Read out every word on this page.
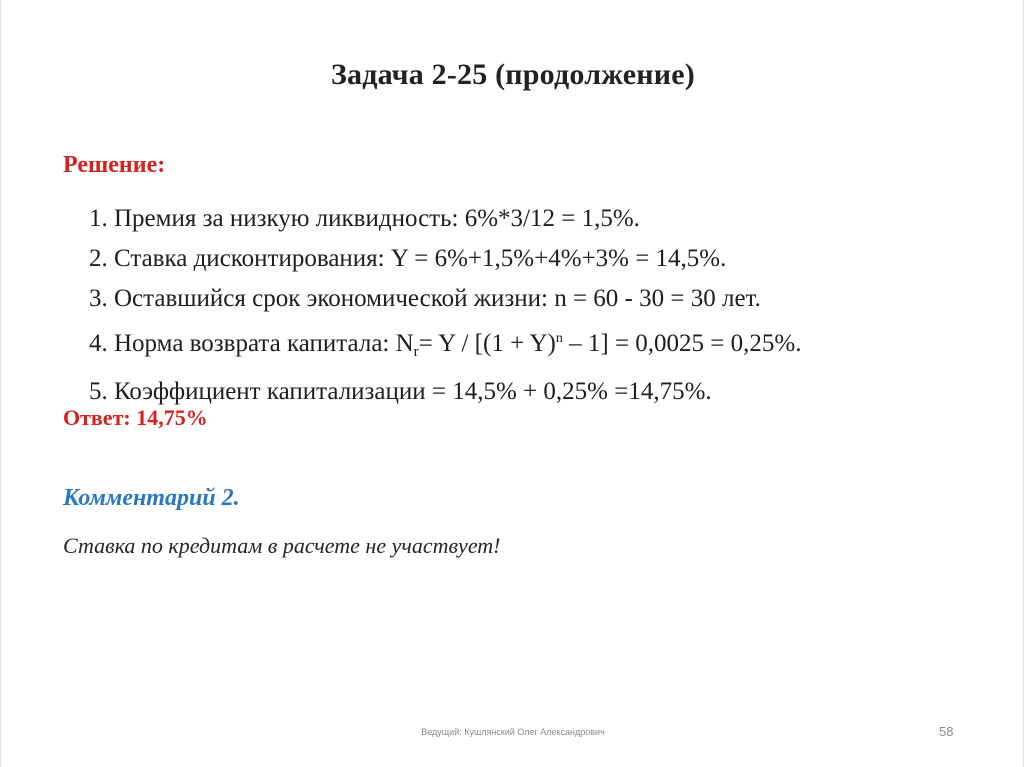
Задача 2-25 (продолжение)
Решение:
1. Премия за низкую ликвидность: 6%*3/12 = 1,5%.
2. Ставка дисконтирования: Y = 6%+1,5%+4%+3% = 14,5%.
3. Оставшийся срок экономической жизни: n = 60 - 30 = 30 лет.
4. Норма возврата капитала: $N_r= Y / [(1 + Y)^n - 1] = 0,0025 = 0,25\%$.
5. Коэффициент капитализации = 14,5% + 0,25% =14,75%.
Ответ: 14,75%
Комментарий 2.
Ставка по кредитам в расчете не участвует!
Ведущий: Кушлянский Олег Александрович	58
